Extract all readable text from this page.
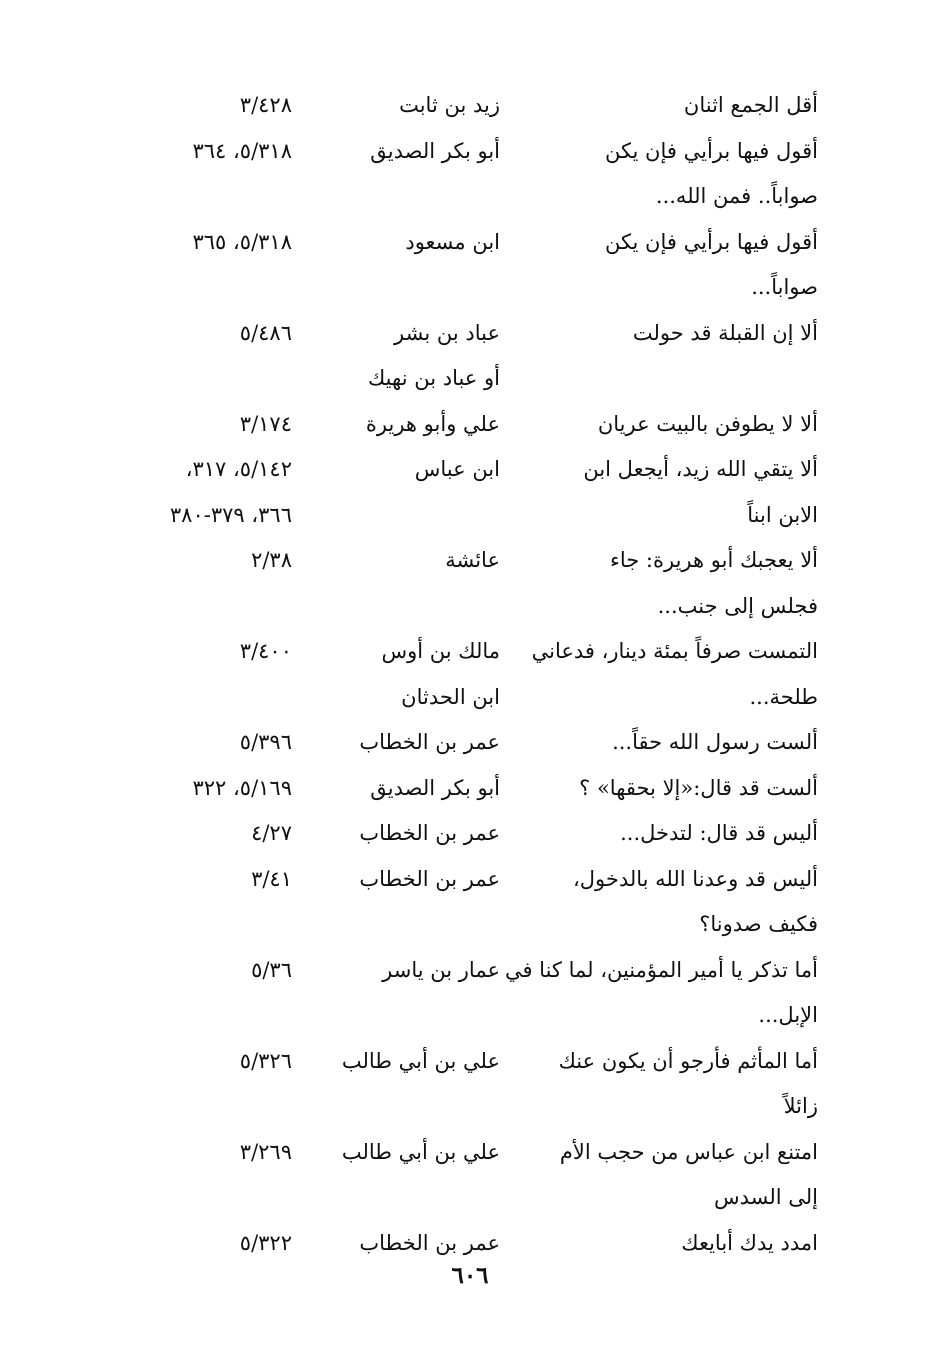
أقل الجمع اثنان
زيد بن ثابت
٣/٤٢٨
أقول فيها برأيي فإن يكن
أبو بكر الصديق
٥/٣١٨، ٣٦٤
صواباً.. فمن الله...
أقول فيها برأيي فإن يكن
ابن مسعود
٥/٣١٨، ٣٦٥
صواباً...
ألا إن القبلة قد حولت
عباد بن بشر
٥/٤٨٦
أو عباد بن نهيك
ألا لا يطوفن بالبيت عريان
علي وأبو هريرة
٣/١٧٤
ألا يتقي الله زيد، أيجعل ابن
ابن عباس
٥/١٤٢، ٣١٧،
الابن ابناً
٣٦٦، ٣٧٩-٣٨٠
ألا يعجبك أبو هريرة: جاء
عائشة
٢/٣٨
فجلس إلى جنب...
التمست صرفاً بمئة دينار، فدعاني
مالك بن أوس
٣/٤٠٠
طلحة...
ابن الحدثان
ألست رسول الله حقاً...
عمر بن الخطاب
٥/٣٩٦
ألست قد قال:«إلا بحقها» ؟
أبو بكر الصديق
٥/١٦٩، ٣٢٢
أليس قد قال: لتدخل...
عمر بن الخطاب
٤/٢٧
أليس قد وعدنا الله بالدخول،
عمر بن الخطاب
٣/٤١
فكيف صدونا؟
أما تذكر يا أمير المؤمنين، لما كنا في
عمار بن ياسر
٥/٣٦
الإبل...
أما المأثم فأرجو أن يكون عنك
علي بن أبي طالب
٥/٣٢٦
زائلاً
امتنع ابن عباس من حجب الأم
علي بن أبي طالب
٣/٢٦٩
إلى السدس
امدد يدك أبايعك
عمر بن الخطاب
٥/٣٢٢
٦٠٦
